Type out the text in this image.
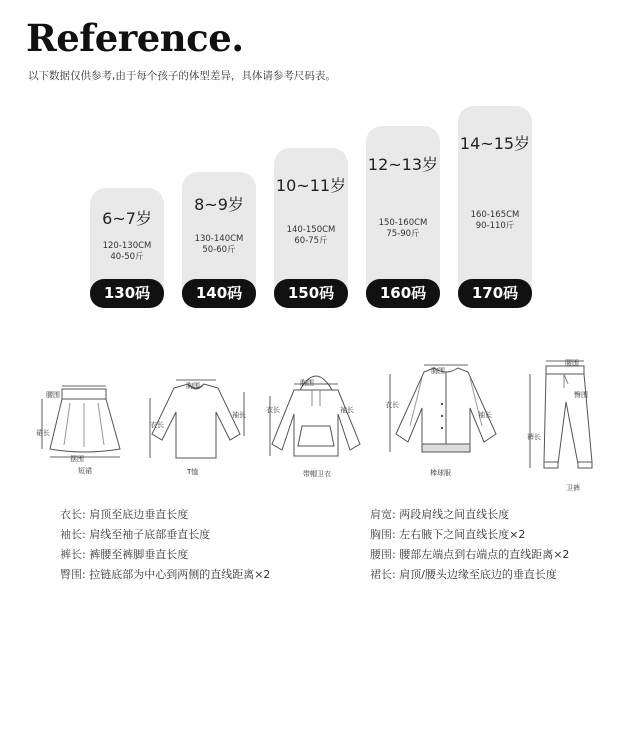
Reference.
以下数据仅供参考,由于每个孩子的体型差异，具体请参考尺码表。
6~7岁
120-130CM
40-50斤
130码
8~9岁
130-140CM
50-60斤
140码
10~11岁
140-150CM
60-75斤
150码
12~13岁
150-160CM
75-90斤
160码
14~15岁
160-165CM
90-110斤
170码
腰围
裙长
摆围
短裙
胸围
衣长
袖长
T恤
胸围
衣长	袖长
带帽卫衣
胸围
衣长
袖长
棒球服
腰围
臀围
裤长
卫裤
衣长: 肩顶至底边垂直长度
袖长: 肩线至袖子底部垂直长度
裤长: 裤腰至裤脚垂直长度
臀围: 拉链底部为中心到两侧的直线距离×2
肩宽: 两段肩线之间直线长度
胸围: 左右腋下之间直线长度×2
腰围: 腰部左端点到右端点的直线距离×2
裙长: 肩顶/腰头边缘至底边的垂直长度
